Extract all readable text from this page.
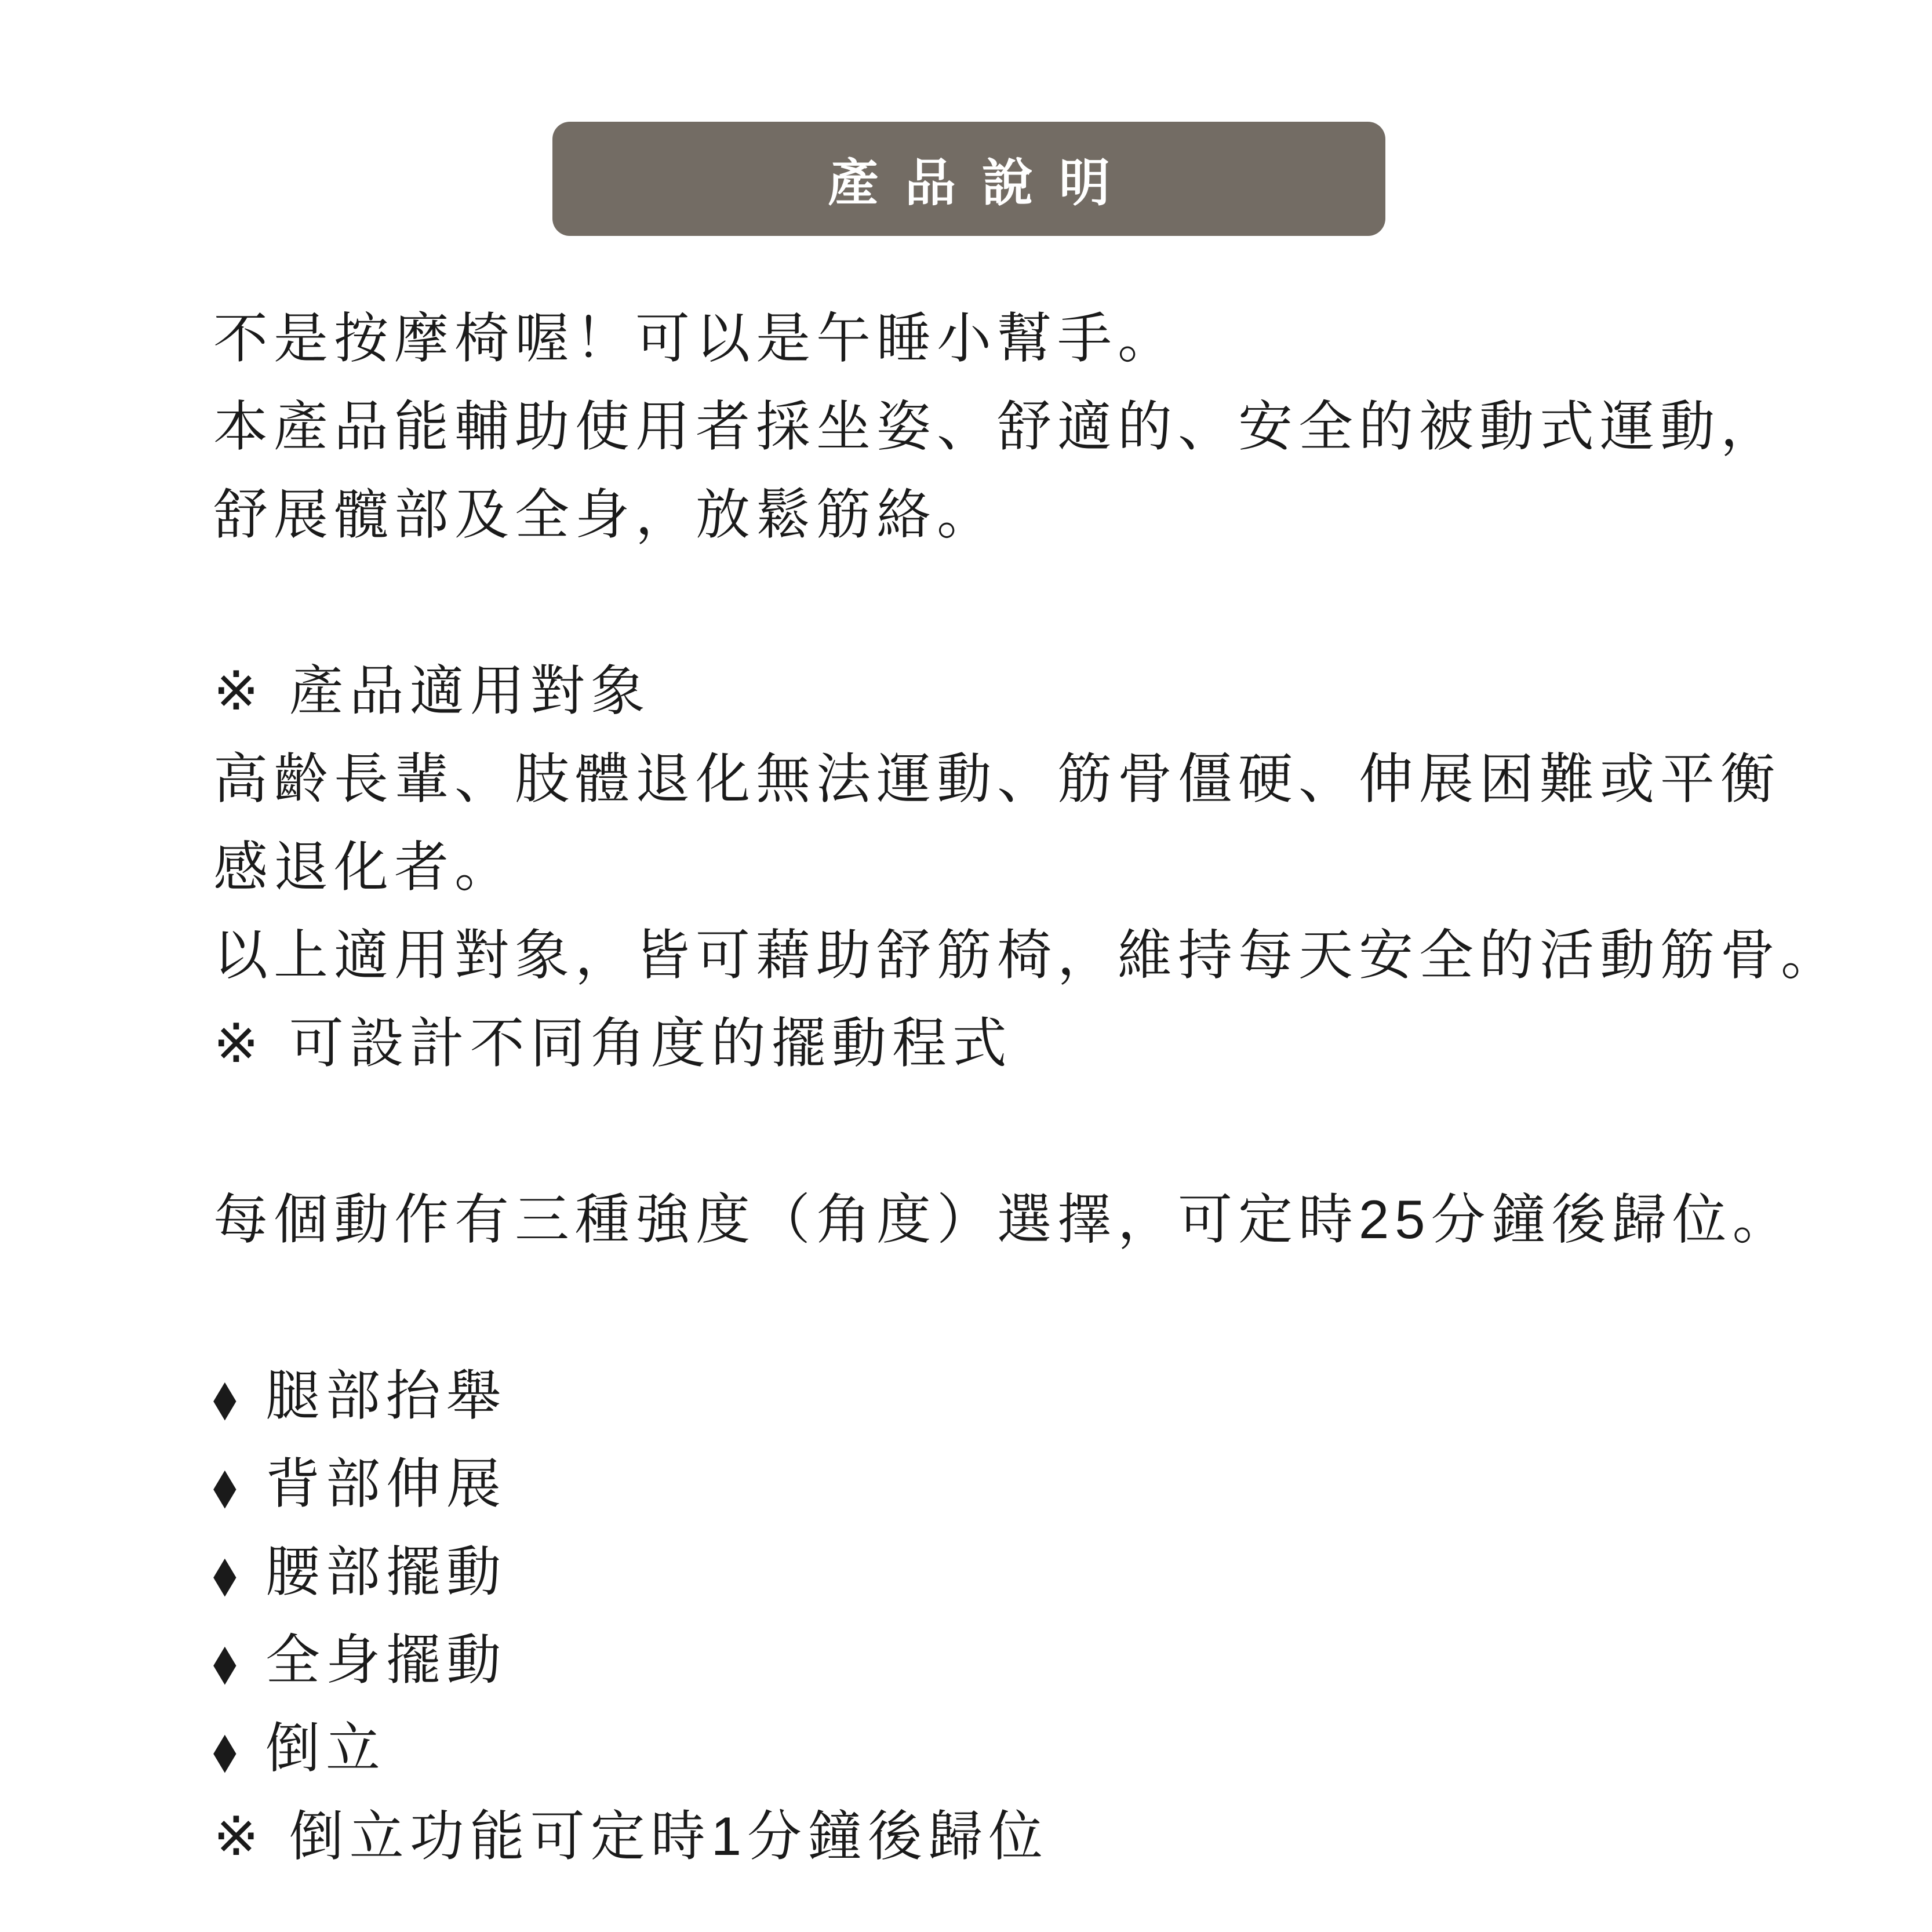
產品說明
不是按摩椅喔！可以是午睡小幫手。
本產品能輔助使用者採坐姿、舒適的、安全的被動式運動，
舒展髖部及全身，放鬆筋絡。
※ 產品適用對象
高齡長輩、肢體退化無法運動、筋骨僵硬、伸展困難或平衡
感退化者。
以上適用對象，皆可藉助舒筋椅，維持每天安全的活動筋骨。
※ 可設計不同角度的擺動程式
每個動作有三種強度（角度）選擇，可定時25分鐘後歸位。
◆ 腿部抬舉
◆ 背部伸展
◆ 腰部擺動
◆ 全身擺動
◆ 倒立
※ 倒立功能可定時1分鐘後歸位
